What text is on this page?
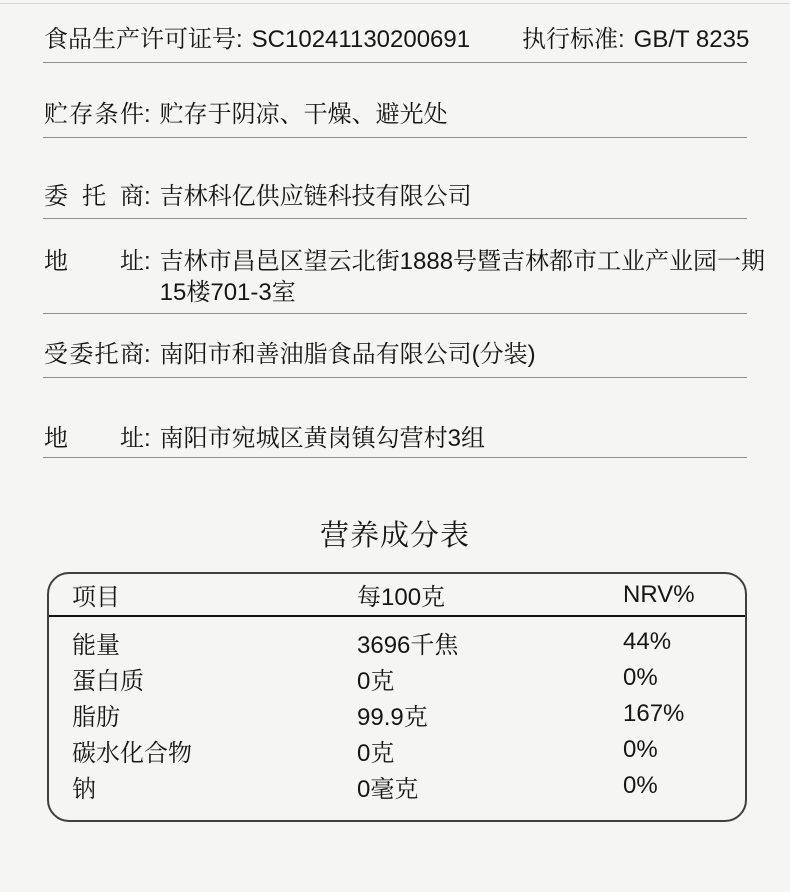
食品生产许可证号: SC10241130200691 执行标准: GB/T 8235
贮存条件: 贮存于阴凉、干燥、避光处
委托商: 吉林科亿供应链科技有限公司
地址 : 吉林市昌邑区望云北街1888号暨吉林都市工业产业园一期
15楼701-3室
受委托商: 南阳市和善油脂食品有限公司(分装)
地址: 南阳市宛城区黄岗镇勾营村3组
营养成分表
项目	每100克	NRV%
能量	3696千焦	44%
蛋白质	0克	0%
脂肪	99.9克	167%
碳水化合物	0克	0%
钠	0毫克	0%
